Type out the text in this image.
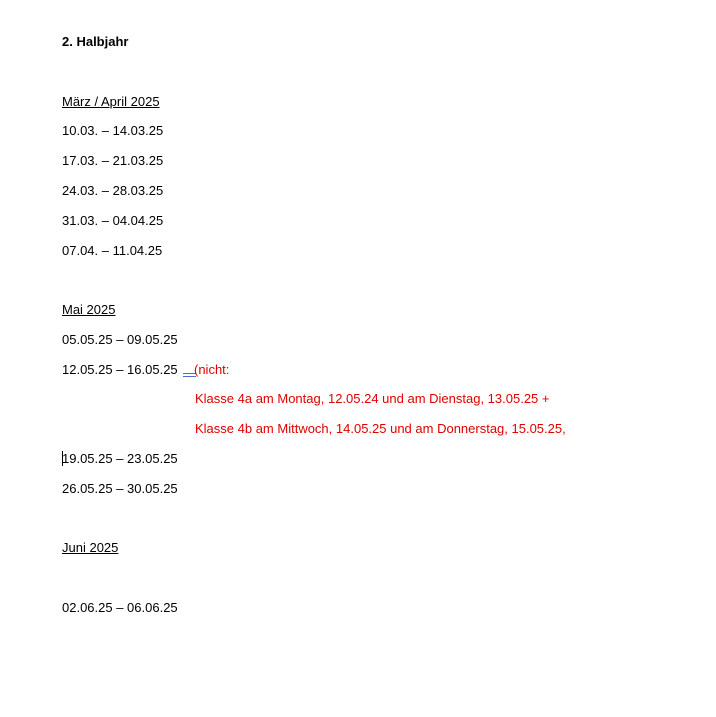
2. Halbjahr
März / April 2025
10.03. – 14.03.25
17.03. – 21.03.25
24.03. – 28.03.25
31.03. – 04.04.25
07.04. – 11.04.25
Mai 2025
05.05.25 – 09.05.25
12.05.25 – 16.05.25 (nicht:
Klasse 4a am Montag, 12.05.24 und am Dienstag, 13.05.25 +
Klasse 4b am Mittwoch, 14.05.25 und am Donnerstag, 15.05.25,
19.05.25 – 23.05.25
26.05.25 – 30.05.25
Juni 2025
02.06.25 – 06.06.25
